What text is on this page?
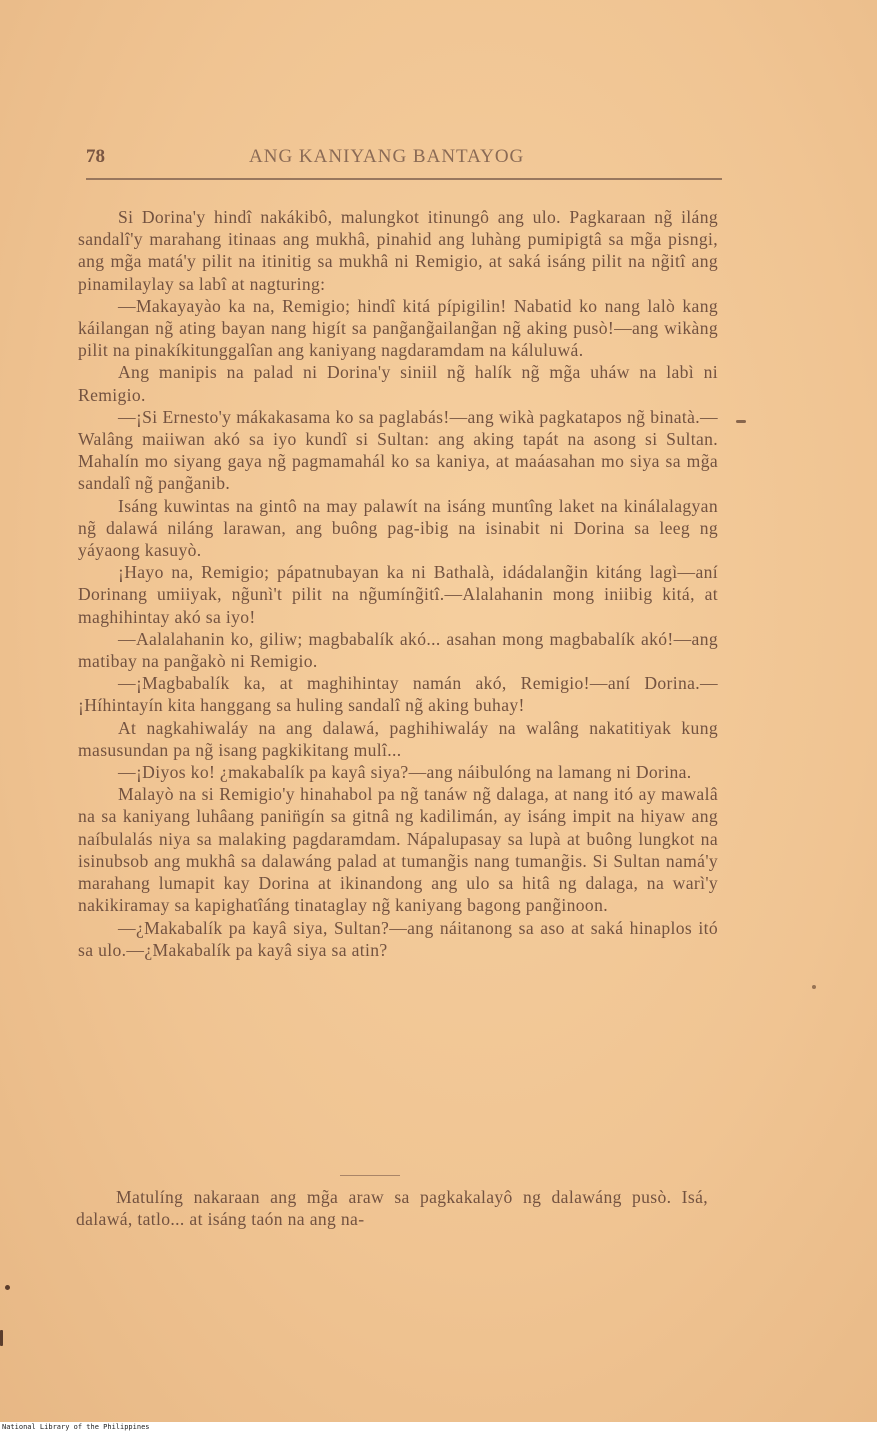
78	ANG KANIYANG BANTAYOG

Si Dorina'y hindî nakákibô, malungkot itinungô ang ulo. Pagkaraan ng̃ iláng sandalî'y marahang itinaas ang mukhâ, pinahid ang luhàng pumipigtâ sa mg̃a pisngi, ang mg̃a matá'y pilit na itinitig sa mukhâ ni Remigio, at saká isáng pilit na ng̃itî ang pinamilaylay sa labî at nagturing:

—Makayayào ka na, Remigio; hindî kitá pípigilin! Nabatid ko nang lalò kang káilangan ng̃ ating bayan nang higít sa pang̃ang̃ailang̃an ng̃ aking pusò!—ang wikàng pilit na pinakíkitunggalîan ang kaniyang nagdaramdam na káluluwá.

Ang manipis na palad ni Dorina'y siniil ng̃ halík ng̃ mg̃a uháw na labì ni Remigio.

—¡Si Ernesto'y mákakasama ko sa paglabás!—ang wikà pagkatapos ng̃ binatà.—Walâng maiiwan akó sa iyo kundî si Sultan: ang aking tapát na asong si Sultan. Mahalín mo siyang gaya ng̃ pagmamahál ko sa kaniya, at maáasahan mo siya sa mg̃a sandalî ng̃ pang̃anib.

Isáng kuwintas na gintô na may palawít na isáng muntîng laket na kinálalagyan ng̃ dalawá niláng larawan, ang buông pag-ibig na isinabit ni Dorina sa leeg ng yáyaong kasuyò.

¡Hayo na, Remigio; pápatnubayan ka ni Bathalà, idádalang̃in kitáng lagì—aní Dorinang umiiyak, ng̃unì't pilit na ng̃umíng̃itî.—Alalahanin mong iniibig kitá, at maghihintay akó sa iyo!

—Aalalahanin ko, giliw; magbabalík akó... asahan mong magbabalík akó!—ang matibay na pang̃akò ni Remigio.

—¡Magbabalík ka, at maghihintay namán akó, Remigio!—aní Dorina.—¡Híhintayín kita hanggang sa huling sandalî ng̃ aking buhay!

At nagkahiwaláy na ang dalawá, paghihiwaláy na walâng nakatitiyak kung masusundan pa ng̃ isang pagkikitang mulî...

—¡Diyos ko! ¿makabalík pa kayâ siya?—ang náibulóng na lamang ni Dorina.

Malayò na si Remigio'y hinahabol pa ng̃ tanáw ng̃ dalaga, at nang itó ay mawalâ na sa kaniyang luhâang panin̈gín sa gitnâ ng kadilimán, ay isáng impit na hiyaw ang naíbulalás niya sa malaking pagdaramdam. Nápalupasay sa lupà at buông lungkot na isinubsob ang mukhâ sa dalawáng palad at tumang̃is nang tumang̃is. Si Sultan namá'y marahang lumapit kay Dorina at ikinandong ang ulo sa hitâ ng dalaga, na warì'y nakikiramay sa kapighatîáng tinataglay ng̃ kaniyang bagong pang̃inoon.

—¿Makabalík pa kayâ siya, Sultan?—ang náitanong sa aso at saká hinaplos itó sa ulo.—¿Makabalík pa kayâ siya sa atin?

Matulíng nakaraan ang mg̃a araw sa pagkakalayô ng dalawáng pusò. Isá, dalawá, tatlo... at isáng taón na ang na-

National Library of the Philippines
